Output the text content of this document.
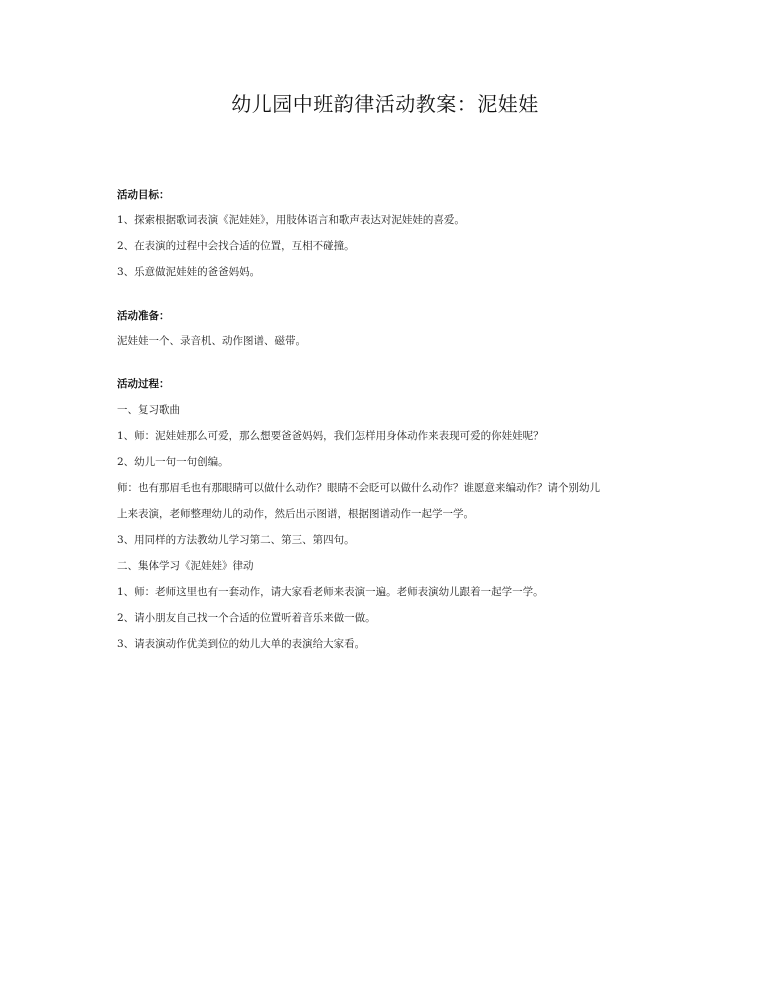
幼儿园中班韵律活动教案：泥娃娃
活动目标：
1、探索根据歌词表演《泥娃娃》，用肢体语言和歌声表达对泥娃娃的喜爱。
2、在表演的过程中会找合适的位置，互相不碰撞。
3、乐意做泥娃娃的爸爸妈妈。
活动准备：
泥娃娃一个、录音机、动作图谱、磁带。
活动过程：
一、复习歌曲
1、师：泥娃娃那么可爱，那么想要爸爸妈妈，我们怎样用身体动作来表现可爱的你娃娃呢？
2、幼儿一句一句创编。
师：也有那眉毛也有那眼睛可以做什么动作？眼睛不会眨可以做什么动作？谁愿意来编动作？请个别幼儿
上来表演，老师整理幼儿的动作，然后出示图谱，根据图谱动作一起学一学。
3、用同样的方法教幼儿学习第二、第三、第四句。
二、集体学习《泥娃娃》律动
1、师：老师这里也有一套动作，请大家看老师来表演一遍。老师表演幼儿跟着一起学一学。
2、请小朋友自己找一个合适的位置听着音乐来做一做。
3、请表演动作优美到位的幼儿大单的表演给大家看。
